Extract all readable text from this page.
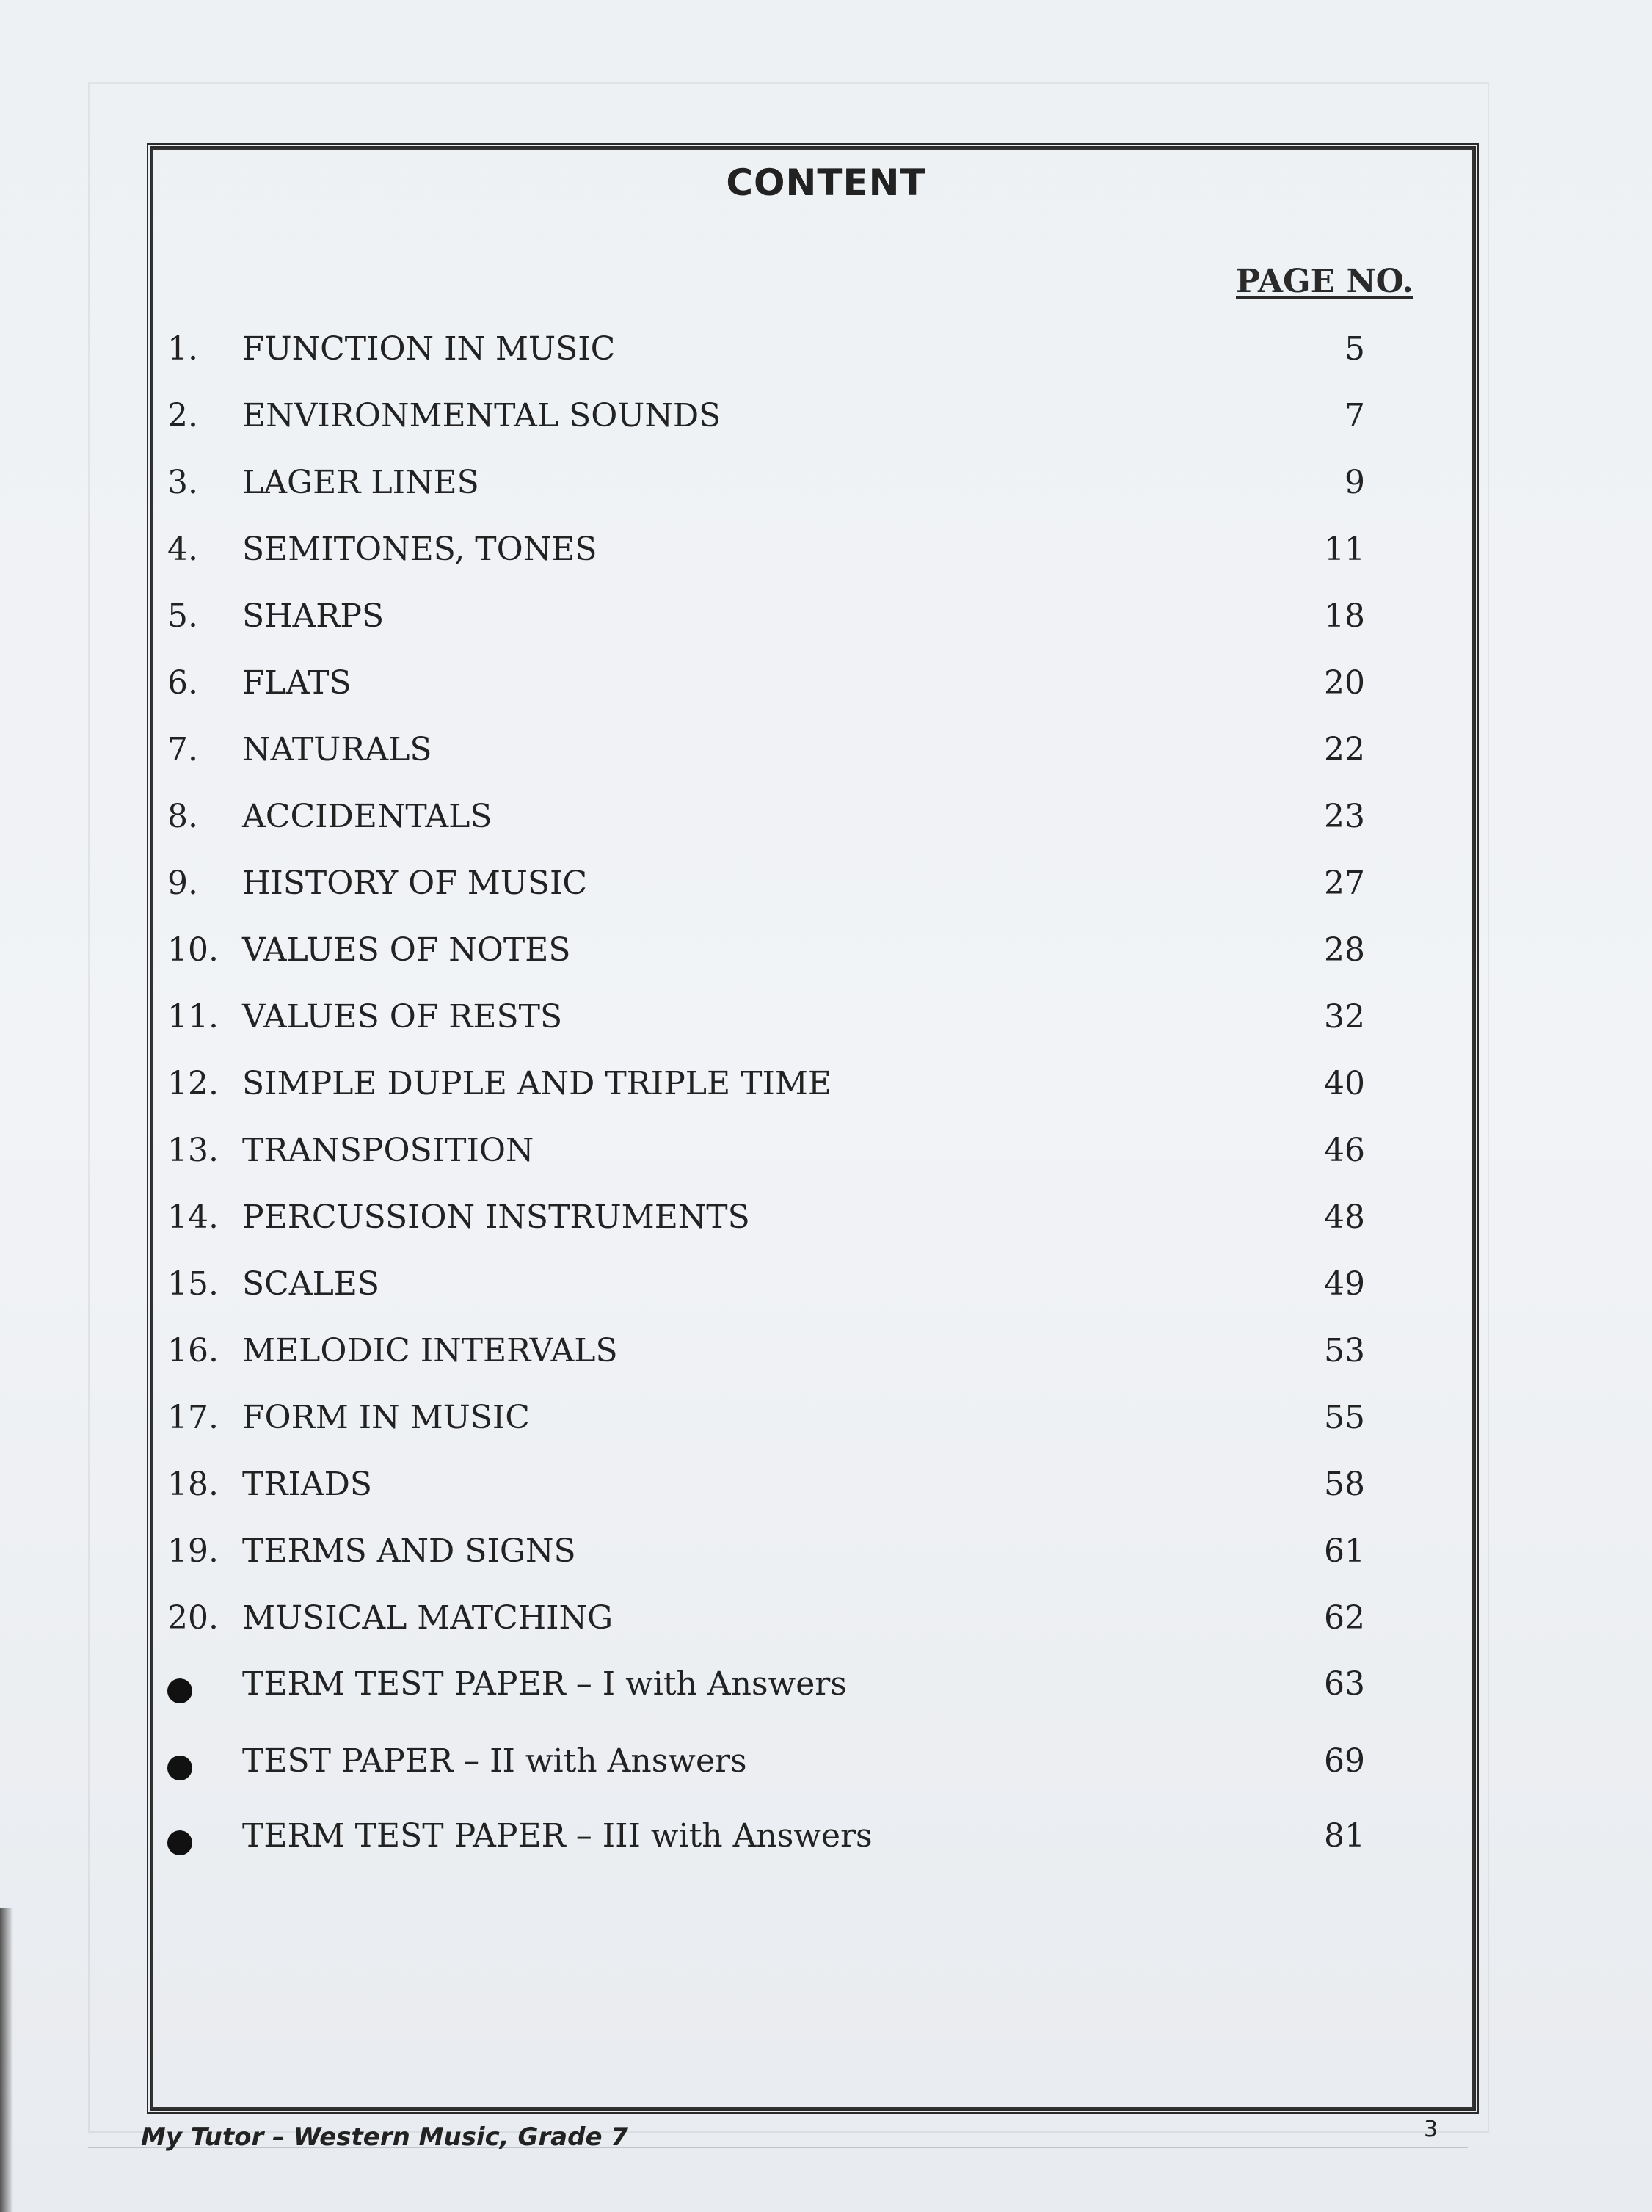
CONTENT
PAGE NO.
1.	FUNCTION IN MUSIC	5
2.	ENVIRONMENTAL SOUNDS	7
3.	LAGER LINES	9
4.	SEMITONES, TONES	11
5.	SHARPS	18
6.	FLATS	20
7.	NATURALS	22
8.	ACCIDENTALS	23
9.	HISTORY OF MUSIC	27
10. VALUES OF NOTES	28
11. VALUES OF RESTS	32
12. SIMPLE DUPLE AND TRIPLE TIME	40
13. TRANSPOSITION	46
14. PERCUSSION INSTRUMENTS	48
15. SCALES	49
16. MELODIC INTERVALS	53
17. FORM IN MUSIC	55
18. TRIADS	58
19. TERMS AND SIGNS	61
20. MUSICAL MATCHING	62
TERM TEST PAPER – I with Answers	63
TEST PAPER – II with Answers	69
TERM TEST PAPER – III with Answers	81
My Tutor – Western Music, Grade 7	3
